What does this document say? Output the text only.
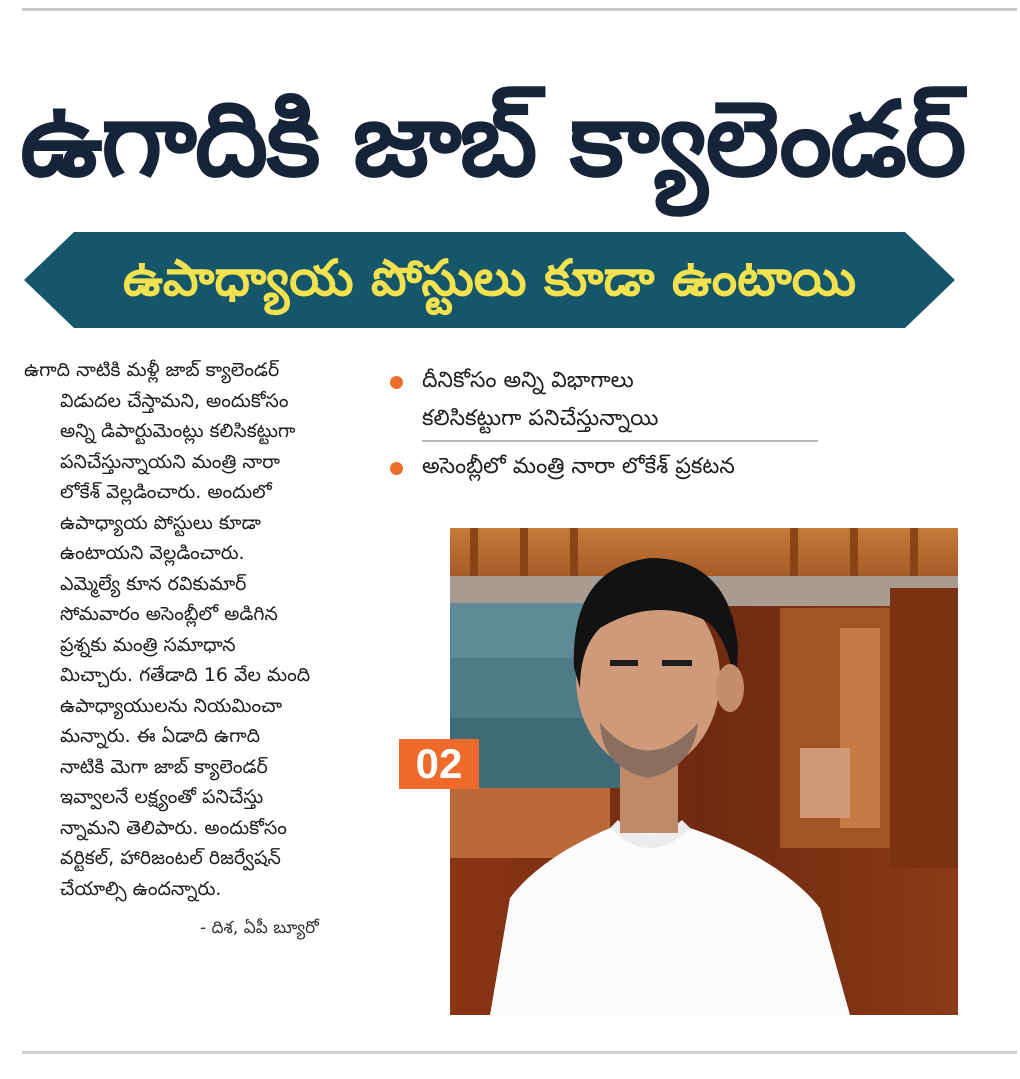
ఉగాదికి జాబ్ క్యాలెండర్
ఉపాధ్యాయ పోస్టులు కూడా ఉంటాయి
ఉగాది నాటికి మళ్లీ జాబ్ క్యాలెండర్
విడుదల చేస్తామని, అందుకోసం
అన్ని డిపార్టుమెంట్లు కలిసికట్టుగా
పనిచేస్తున్నాయని మంత్రి నారా
లోకేశ్ వెల్లడించారు. అందులో
ఉపాధ్యాయ పోస్టులు కూడా
ఉంటాయని వెల్లడించారు.
ఎమ్మెల్యే కూన రవికుమార్
సోమవారం అసెంబ్లీలో అడిగిన
ప్రశ్నకు మంత్రి సమాధాన
మిచ్చారు. గతేడాది 16 వేల మంది
ఉపాధ్యాయులను నియమించా
మన్నారు. ఈ ఏడాది ఉగాది
నాటికి మెగా జాబ్ క్యాలెండర్
ఇవ్వాలనే లక్ష్యంతో పనిచేస్తు
న్నామని తెలిపారు. అందుకోసం
వర్టికల్, హారిజంటల్ రిజర్వేషన్
చేయాల్సి ఉందన్నారు.
- దిశ, ఏపీ బ్యూరో
దీనికోసం అన్ని విభాగాలు
కలిసికట్టుగా పనిచేస్తున్నాయి
అసెంబ్లీలో మంత్రి నారా లోకేశ్ ప్రకటన
02
